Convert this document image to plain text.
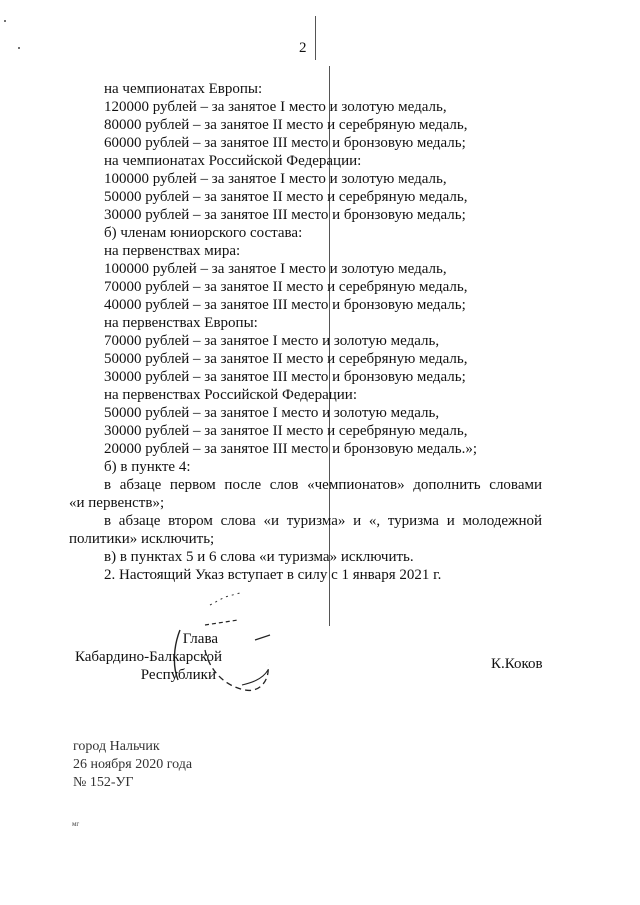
2
на чемпионатах Европы:
120000 рублей – за занятое I место и золотую медаль,
80000 рублей – за занятое II место и серебряную медаль,
60000 рублей – за занятое III место и бронзовую медаль;
на чемпионатах Российской Федерации:
100000 рублей – за занятое I место и золотую медаль,
50000 рублей – за занятое II место и серебряную медаль,
30000 рублей – за занятое III место и бронзовую медаль;
б) членам юниорского состава:
на первенствах мира:
100000 рублей – за занятое I место и золотую медаль,
70000 рублей – за занятое II место и серебряную медаль,
40000 рублей – за занятое III место и бронзовую медаль;
на первенствах Европы:
70000 рублей – за занятое I место и золотую медаль,
50000 рублей – за занятое II место и серебряную медаль,
30000 рублей – за занятое III место и бронзовую медаль;
на первенствах Российской Федерации:
50000 рублей – за занятое I место и золотую медаль,
30000 рублей – за занятое II место и серебряную медаль,
20000 рублей – за занятое III место и бронзовую медаль.»;
б) в пункте 4:
в абзаце первом после слов «чемпионатов» дополнить словами
«и первенств»;
в абзаце втором слова «и туризма» и «, туризма и молодежной
политики» исключить;
в) в пунктах 5 и 6 слова «и туризма» исключить.
2. Настоящий Указ вступает в силу с 1 января 2021 г.
Глава
Кабардино-Балкарской
Республики
К.Коков
город Нальчик
26 ноября 2020 года
№ 152-УГ
мг
